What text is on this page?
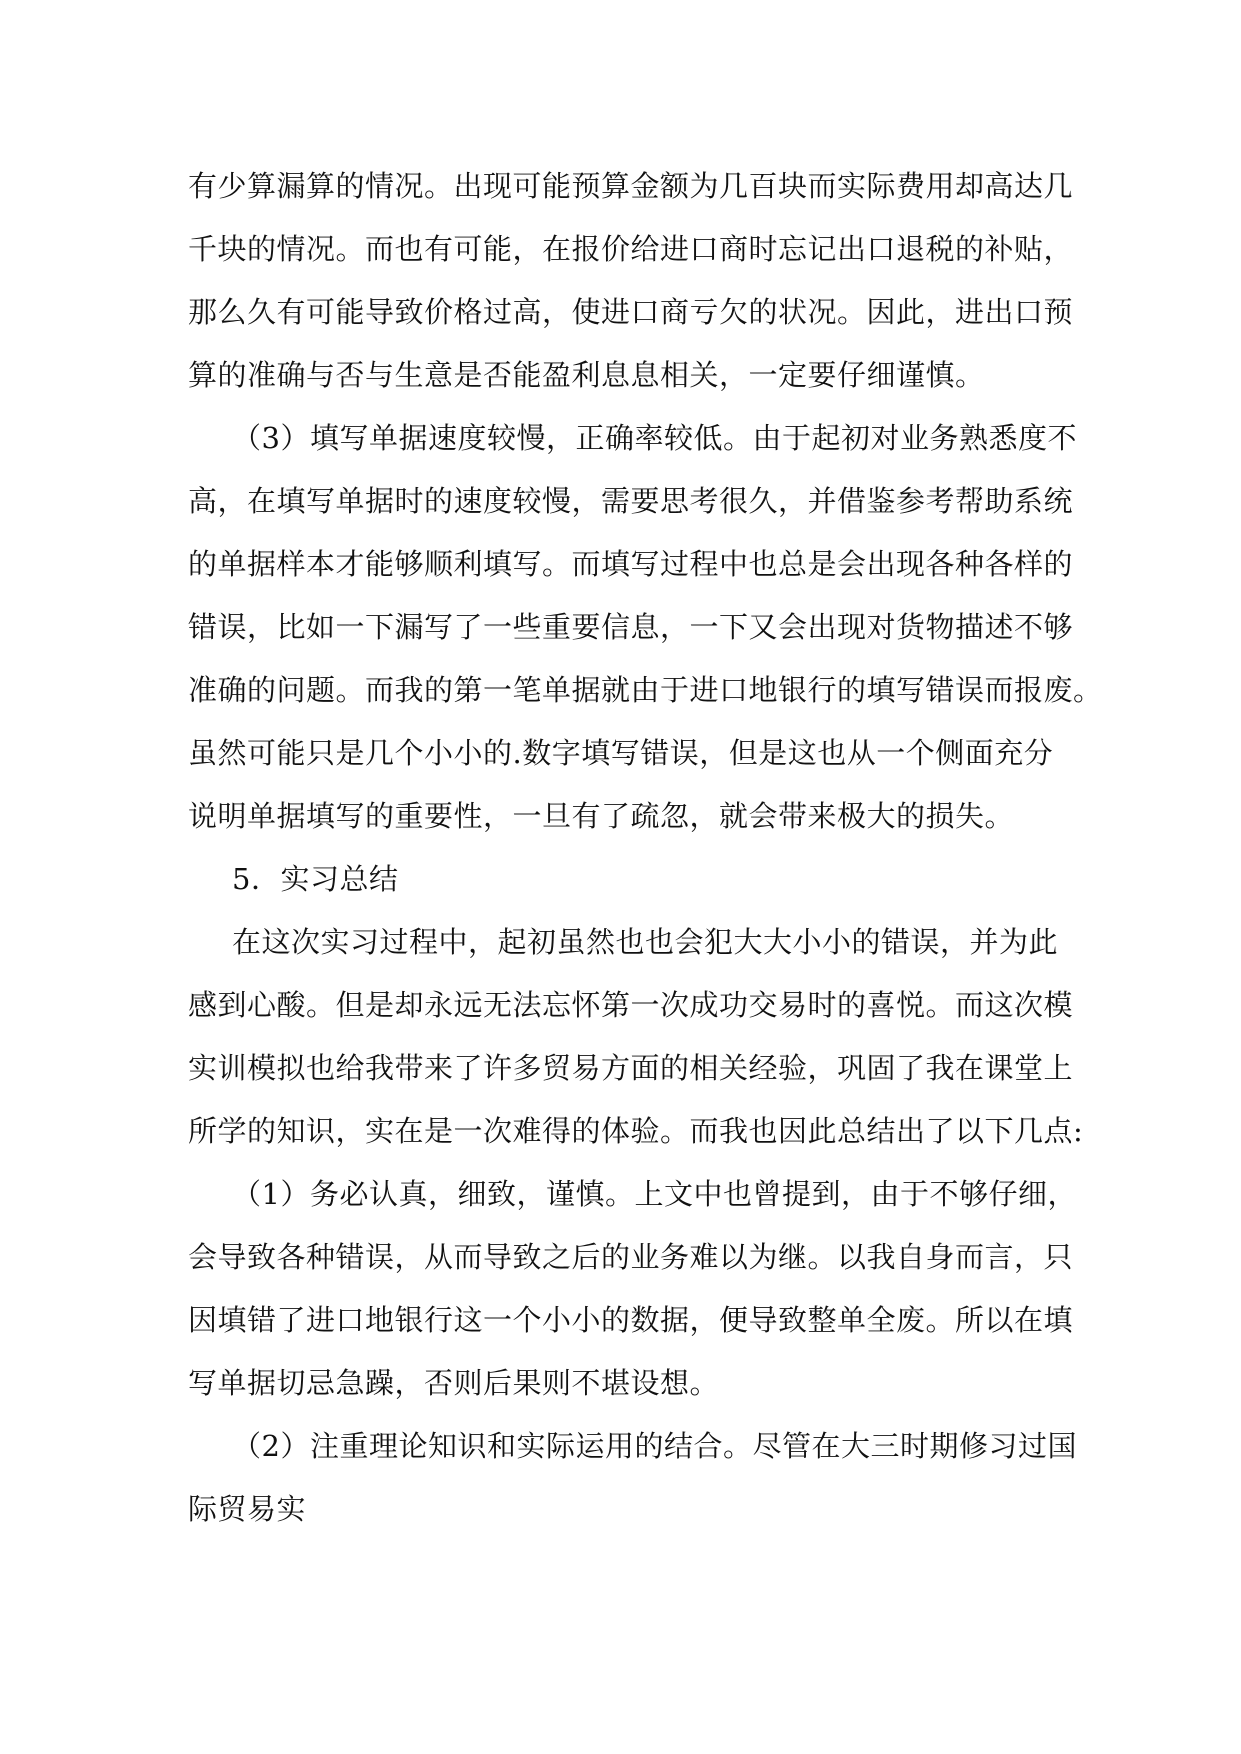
有少算漏算的情况。出现可能预算金额为几百块而实际费用却高达几
千块的情况。而也有可能，在报价给进口商时忘记出口退税的补贴，
那么久有可能导致价格过高，使进口商亏欠的状况。因此，进出口预
算的准确与否与生意是否能盈利息息相关，一定要仔细谨慎。
（3）填写单据速度较慢，正确率较低。由于起初对业务熟悉度不
高，在填写单据时的速度较慢，需要思考很久，并借鉴参考帮助系统
的单据样本才能够顺利填写。而填写过程中也总是会出现各种各样的
错误，比如一下漏写了一些重要信息，一下又会出现对货物描述不够
准确的问题。而我的第一笔单据就由于进口地银行的填写错误而报废。
虽然可能只是几个小小的.数字填写错误，但是这也从一个侧面充分
说明单据填写的重要性，一旦有了疏忽，就会带来极大的损失。
5．实习总结
在这次实习过程中，起初虽然也也会犯大大小小的错误，并为此
感到心酸。但是却永远无法忘怀第一次成功交易时的喜悦。而这次模
实训模拟也给我带来了许多贸易方面的相关经验，巩固了我在课堂上
所学的知识，实在是一次难得的体验。而我也因此总结出了以下几点:
（1）务必认真，细致，谨慎。上文中也曾提到，由于不够仔细，
会导致各种错误，从而导致之后的业务难以为继。以我自身而言，只
因填错了进口地银行这一个小小的数据，便导致整单全废。所以在填
写单据切忌急躁，否则后果则不堪设想。
（2）注重理论知识和实际运用的结合。尽管在大三时期修习过国
际贸易实
